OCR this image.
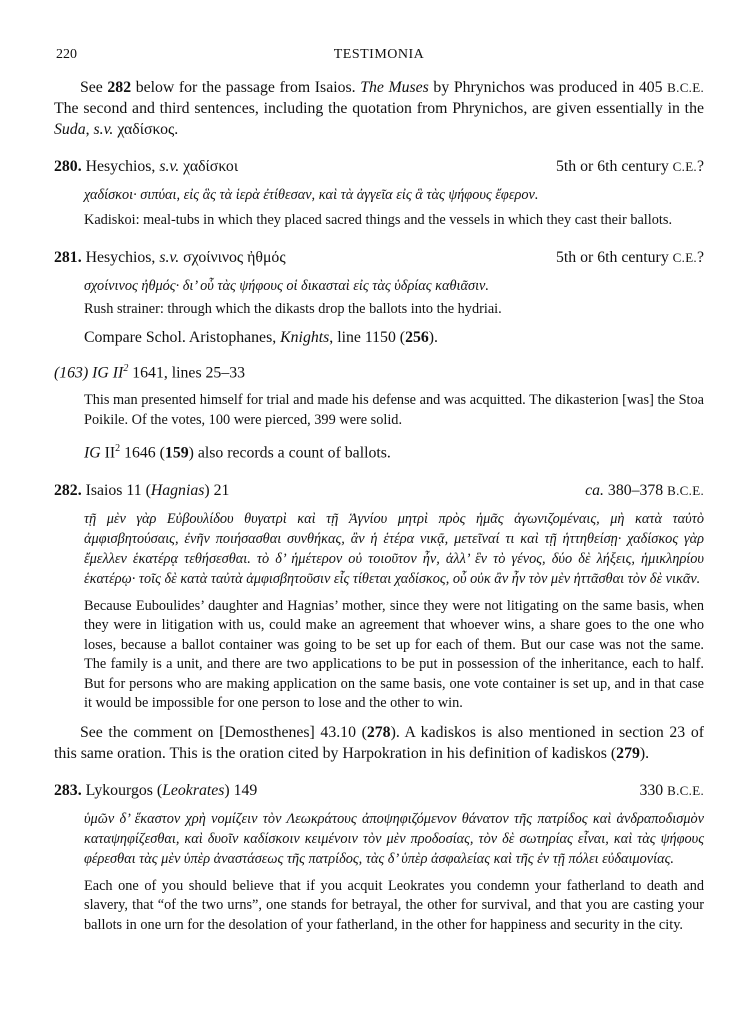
220	TESTIMONIA

See 282 below for the passage from Isaios. The Muses by Phrynichos was produced in 405 B.C.E. The second and third sentences, including the quotation from Phrynichos, are given essentially in the Suda, s.v. χαδίσκος.

280. Hesychios, s.v. χαδίσκοι	5th or 6th century C.E.?

χαδίσκοι· σιπύαι, εἰς ἃς τὰ ἱερὰ ἐτίθεσαν, καὶ τὰ ἀγγεῖα εἰς ἃ τὰς ψήφους ἔφερον.

Kadiskoi: meal-tubs in which they placed sacred things and the vessels in which they cast their ballots.

281. Hesychios, s.v. σχοίνινος ἠθμός	5th or 6th century C.E.?

σχοίνινος ἠθμός· δι’ οὗ τὰς ψήφους οἱ δικασταὶ εἰς τὰς ὑδρίας καθιᾶσιν.

Rush strainer: through which the dikasts drop the ballots into the hydriai.

Compare Schol. Aristophanes, Knights, line 1150 (256).

(163) IG $II^2$ 1641, lines 25–33

This man presented himself for trial and made his defense and was acquitted. The dikasterion [was] the Stoa Poikile. Of the votes, 100 were pierced, 399 were solid.

IG $II^2$ 1646 (159) also records a count of ballots.

282. Isaios 11 (Hagnias) 21	ca. 380–378 B.C.E.

τῇ μὲν γὰρ Εὐβουλίδου θυγατρὶ καὶ τῇ Ἁγνίου μητρὶ πρὸς ἡμᾶς ἀγωνιζομέναις, μὴ κατὰ ταὐτὸ ἀμφισβητούσαις, ἐνῆν ποιήσασθαι συνθήκας, ἂν ἡ ἑτέρα νικᾷ, μετεῖναί τι καὶ τῇ ἡττηθείσῃ· χαδίσκος γὰρ ἔμελλεν ἑκατέρᾳ τεθήσεσθαι. τὸ δ’ ἡμέτερον οὐ τοιοῦτον ἦν, ἀλλ’ ἓν τὸ γένος, δύο δὲ λήξεις, ἡμικληρίου ἑκατέρῳ· τοῖς δὲ κατὰ ταὐτὰ ἀμφισβητοῦσιν εἷς τίθεται χαδίσκος, οὗ οὐκ ἂν ἦν τὸν μὲν ἡττᾶσθαι τὸν δὲ νικᾶν.

Because Euboulides’ daughter and Hagnias’ mother, since they were not litigating on the same basis, when they were in litigation with us, could make an agreement that whoever wins, a share goes to the one who loses, because a ballot container was going to be set up for each of them. But our case was not the same. The family is a unit, and there are two applications to be put in possession of the inheritance, each to half. But for persons who are making application on the same basis, one vote container is set up, and in that case it would be impossible for one person to lose and the other to win.

See the comment on [Demosthenes] 43.10 (278). A kadiskos is also mentioned in section 23 of this same oration. This is the oration cited by Harpokration in his definition of kadiskos (279).

283. Lykourgos (Leokrates) 149	330 B.C.E.

ὑμῶν δ’ ἕκαστον χρὴ νομίζειν τὸν Λεωκράτους ἀποψηφιζόμενον θάνατον τῆς πατρίδος καὶ ἀνδραποδισμὸν καταψηφίζεσθαι, καὶ δυοῖν καδίσκοιν κειμένοιν τὸν μὲν προδοσίας, τὸν δὲ σωτηρίας εἶναι, καὶ τὰς ψήφους φέρεσθαι τὰς μὲν ὑπὲρ ἀναστάσεως τῆς πατρίδος, τὰς δ’ ὑπὲρ ἀσφαλείας καὶ τῆς ἐν τῇ πόλει εὐδαιμονίας.

Each one of you should believe that if you acquit Leokrates you condemn your fatherland to death and slavery, that “of the two urns”, one stands for betrayal, the other for survival, and that you are casting your ballots in one urn for the desolation of your fatherland, in the other for happiness and security in the city.
